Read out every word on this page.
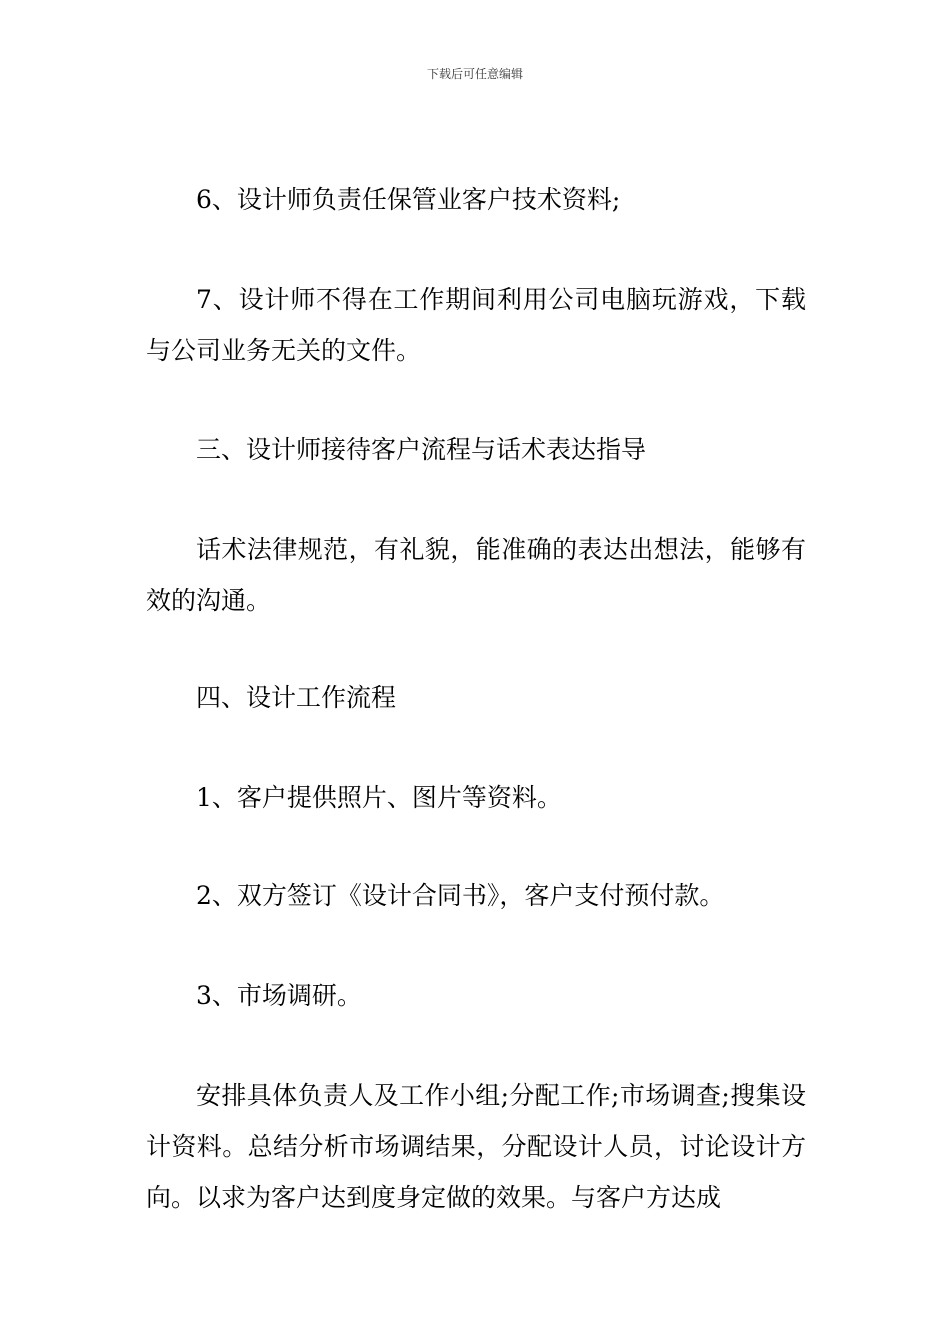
下载后可任意编辑

6、设计师负责任保管业客户技术资料;

7、设计师不得在工作期间利用公司电脑玩游戏，下载与公司业务无关的文件。

三、设计师接待客户流程与话术表达指导

话术法律规范，有礼貌，能准确的表达出想法，能够有效的沟通。

四、设计工作流程

1、客户提供照片、图片等资料。

2、双方签订《设计合同书》，客户支付预付款。

3、市场调研。

安排具体负责人及工作小组;分配工作;市场调查;搜集设计资料。总结分析市场调结果，分配设计人员，讨论设计方向。以求为客户达到度身定做的效果。与客户方达成
